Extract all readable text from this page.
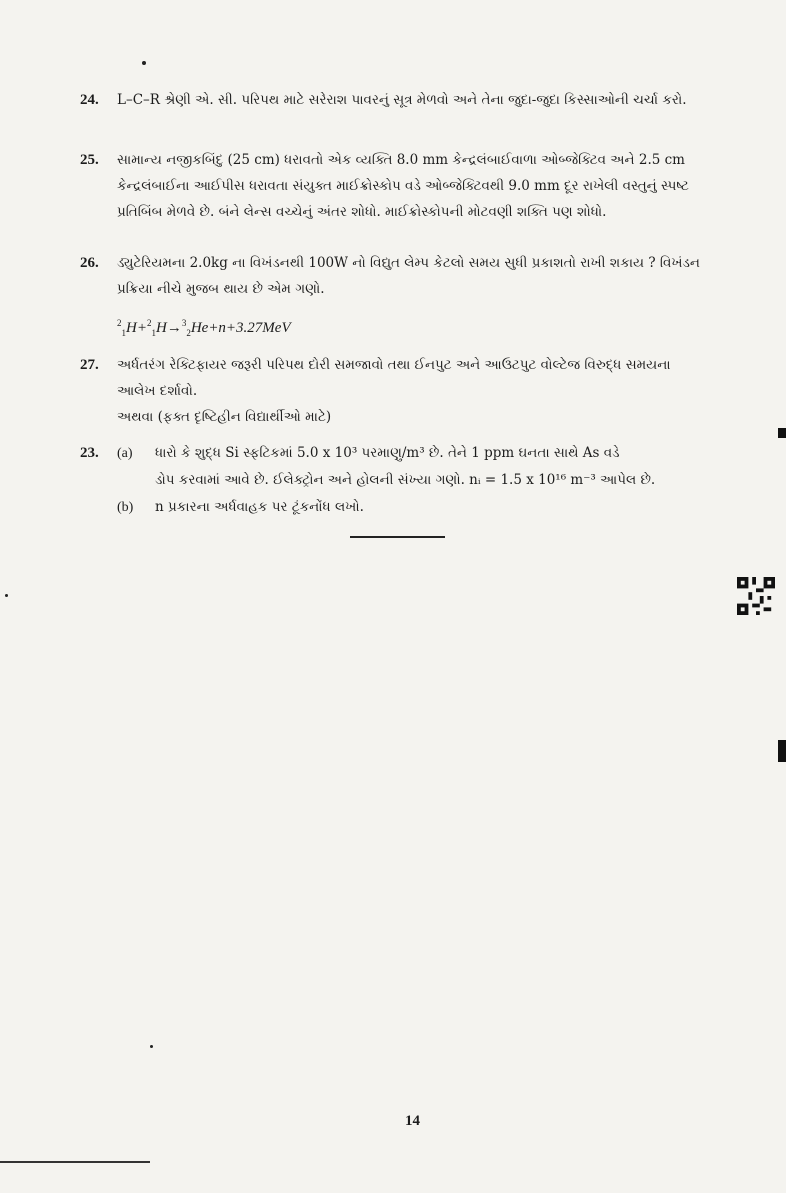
24. L–C–R શ્રેણી એ. સી. પરિપથ માટે સરેરાશ પાવરનું સૂત્ર મેળવો અને તેના જુદા-જુદા કિસ્સાઓની ચર્ચા કરો.
25. સામાન્ય નજીકબિંદુ (25 cm) ધરાવતો એક વ્યક્તિ 8.0 mm કેન્દ્રલંબાઈવાળા ઓબ્જેક્ટિવ અને 2.5 cm કેન્દ્રલંબાઈના આઈપીસ ધરાવતા સંયુક્ત માઈક્રોસ્કોપ વડે ઓબ્જેક્ટિવથી 9.0 mm દૂર રાખેલી વસ્તુનું સ્પષ્ટ પ્રતિબિંબ મેળવે છે. બંને લેન્સ વચ્ચેનું અંતર શોધો. માઈક્રોસ્કોપની મોટવણી શક્તિ પણ શોધો.
26. ડ્યુટેરિયમના 2.0kg ના વિખંડનથી 100W નો વિદ્યુત લેમ્પ કેટલો સમય સુધી પ્રકાશતો રાખી શકાય ? વિખંડન પ્રક્રિયા નીચે મુજબ થાય છે એમ ગણો.
$^2_1$H+$^2_1$H→$^3_2$He+n+3.27MeV
27. અર્ધતરંગ રેક્ટિફાયર જરૂરી પરિપથ દોરી સમજાવો તથા ઈનપુટ અને આઉટપુટ વોલ્ટેજ વિરુદ્ધ સમયના આલેખ દર્શાવો.
અથવા (ફક્ત દૃષ્ટિહીન વિદ્યાર્થીઓ માટે)
23. (a) ધારો કે શુદ્ધ Si સ્ફટિકમાં 5.0 x 10³ પરમાણુ/m³ છે. તેને 1 ppm ઘનતા સાથે As વડે
ડોપ કરવામાં આવે છે. ઈલેક્ટ્રોન અને હોલની સંખ્યા ગણો. nᵢ = 1.5 x 10¹⁶ m⁻³ આપેલ છે.
(b) n પ્રકારના અર્ધવાહક પર ટૂંકનોંધ લખો.
14
